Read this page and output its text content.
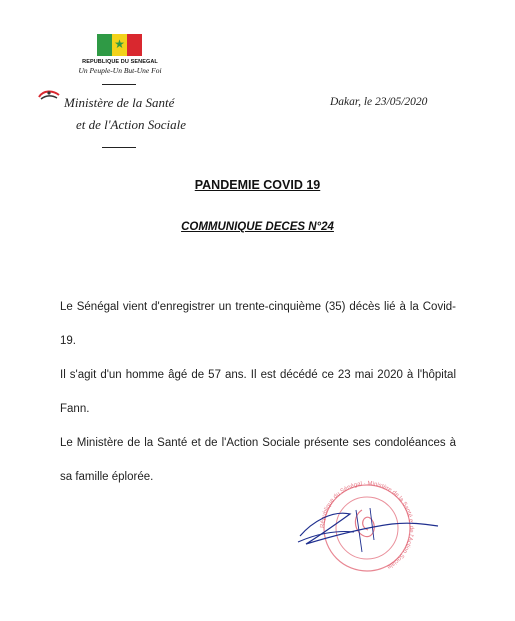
★
REPUBLIQUE DU SENEGAL
Un Peuple-Un But-Une Foi
Ministère de la Santé
et de l'Action Sociale
Dakar, le 23/05/2020
PANDEMIE COVID 19
COMMUNIQUE DECES N°24

Le Sénégal vient d'enregistrer un trente-cinquième (35) décès lié à la Covid-19.

Il s'agit d'un homme âgé de 57 ans. Il est décédé ce 23 mai 2020 à l'hôpital Fann.

Le Ministère de la Santé et de l'Action Sociale présente ses condoléances à sa famille éplorée.

République du Sénégal · Ministère de la Santé et de l'Action Sociale
